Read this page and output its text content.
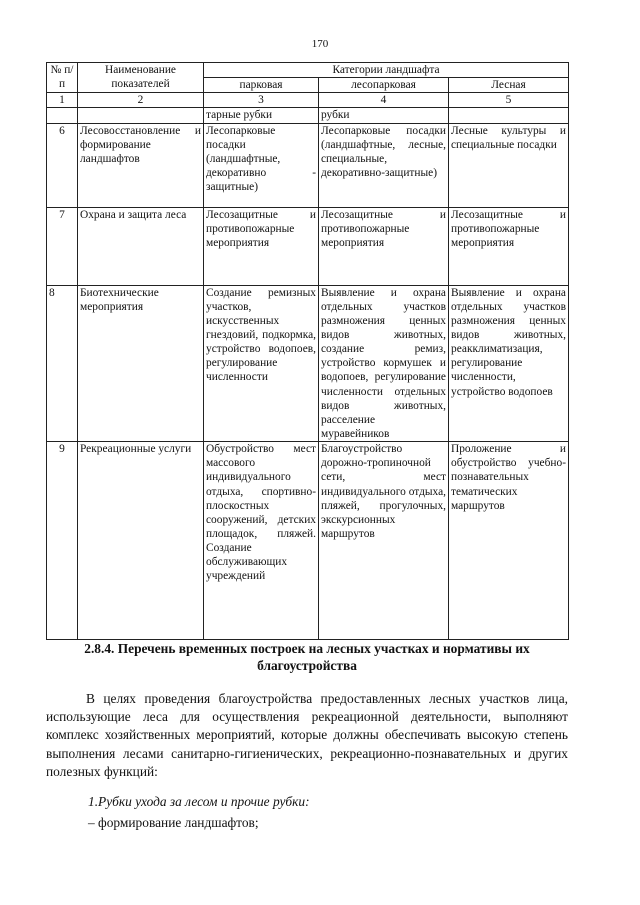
170
№ п/п	Наименование показателей	Категории ландшафта		
		парковая	лесопарковая	Лесная
1	2	3	4	5
		тарные рубки	рубки	
6	Лесовосстановление и формирование ландшафтов	Лесопарковые посадки (ландшафтные, декоративно - защитные)	Лесопарковые посадки (ландшафтные, лесные, специальные, декоративно-защитные)	Лесные культуры и специальные посадки
7	Охрана и защита леса	Лесозащитные и противопожарные мероприятия	Лесозащитные и противопожарные мероприятия	Лесозащитные и противопожарные мероприятия
8	Биотехнические мероприятия	Создание ремизных участков, искусственных гнездовий, подкормка, устройство водопоев, регулирование численности	Выявление и охрана отдельных участков размножения ценных видов животных, создание ремиз, устройство кормушек и водопоев, регулирование численности отдельных видов животных, расселение муравейников	Выявление и охрана отдельных участков размножения ценных видов животных, реакклиматизация, регулирование численности, устройство водопоев
9	Рекреационные услуги	Обустройство мест массового индивидуального отдыха, спортивно-плоскостных сооружений, детских площадок, пляжей. Создание обслуживающих учреждений	Благоустройство дорожно-тропиночной сети, мест индивидуального отдыха, пляжей, прогулочных, экскурсионных маршрутов	Проложение и обустройство учебно-познавательных тематических маршрутов
2.8.4. Перечень временных построек на лесных участках и нормативы их благоустройства
В целях проведения благоустройства предоставленных лесных участков лица, использующие леса для осуществления рекреационной деятельности, выполняют комплекс хозяйственных мероприятий, которые должны обеспечивать высокую степень выполнения лесами санитарно-гигиенических, рекреационно-познавательных и других полезных функций:
1.Рубки ухода за лесом и прочие рубки:
– формирование ландшафтов;
